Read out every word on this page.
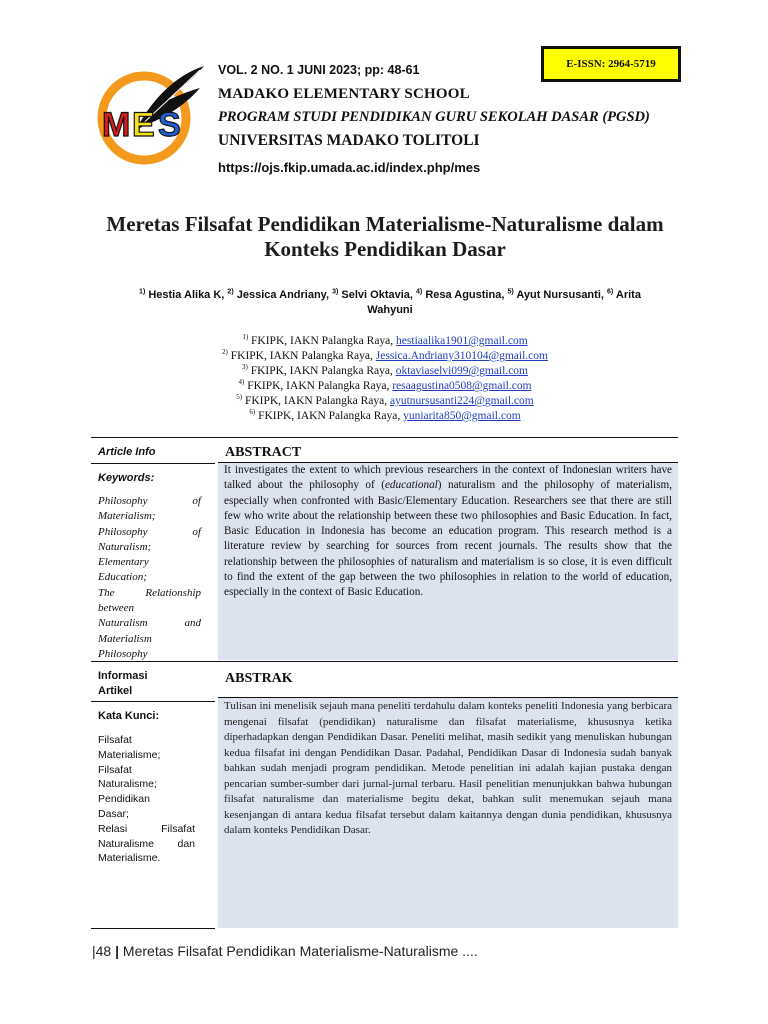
M E S
E-ISSN: 2964-5719
VOL. 2 NO. 1 JUNI 2023; pp: 48-61
MADAKO ELEMENTARY SCHOOL
PROGRAM STUDI PENDIDIKAN GURU SEKOLAH DASAR (PGSD)
UNIVERSITAS MADAKO TOLITOLI
https://ojs.fkip.umada.ac.id/index.php/mes
Meretas Filsafat Pendidikan Materialisme-Naturalisme dalam
Konteks Pendidikan Dasar
$^{1)}$ Hestia Alika K, $^{2)}$ Jessica Andriany, $^{3)}$ Selvi Oktavia, $^{4)}$ Resa Agustina, $^{5)}$ Ayut Nursusanti, $^{6)}$ Arita
Wahyuni
$^{1)}$ FKIPK, IAKN Palangka Raya, hestiaalika1901@gmail.com
$^{2)}$ FKIPK, IAKN Palangka Raya, Jessica.Andriany310104@gmail.com
$^{3)}$ FKIPK, IAKN Palangka Raya, oktaviaselvi099@gmail.com
$^{4)}$ FKIPK, IAKN Palangka Raya, resaagustina0508@gmail.com
$^{5)}$ FKIPK, IAKN Palangka Raya, ayutnursusanti224@gmail.com
$^{6)}$ FKIPK, IAKN Palangka Raya, yuniarita850@gmail.com
Article Info
Keywords:
Philosophy of
Materialism;
Philosophy of
Naturalism;
Elementary
Education;
The Relationship
between
Naturalism and
Materialism
Philosophy
ABSTRACT
It investigates the extent to which previous researchers in the context of Indonesian writers have talked about the philosophy of (educational) naturalism and the philosophy of materialism, especially when confronted with Basic/Elementary Education. Researchers see that there are still few who write about the relationship between these two philosophies and Basic Education. In fact, Basic Education in Indonesia has become an education program. This research method is a literature review by searching for sources from recent journals. The results show that the relationship between the philosophies of naturalism and materialism is so close, it is even difficult to find the extent of the gap between the two philosophies in relation to the world of education, especially in the context of Basic Education.
Informasi
Artikel
Kata Kunci:
Filsafat
Materialisme;
Filsafat
Naturalisme;
Pendidikan
Dasar;
Relasi Filsafat
Naturalisme dan
Materialisme.
ABSTRAK
Tulisan ini menelisik sejauh mana peneliti terdahulu dalam konteks peneliti Indonesia yang berbicara mengenai filsafat (pendidikan) naturalisme dan filsafat materialisme, khususnya ketika diperhadapkan dengan Pendidikan Dasar. Peneliti melihat, masih sedikit yang menuliskan hubungan kedua filsafat ini dengan Pendidikan Dasar. Padahal, Pendidikan Dasar di Indonesia sudah banyak bahkan sudah menjadi program pendidikan. Metode penelitian ini adalah kajian pustaka dengan pencarian sumber-sumber dari jurnal-jurnal terbaru. Hasil penelitian menunjukkan bahwa hubungan filsafat naturalisme dan materialisme begitu dekat, bahkan sulit menemukan sejauh mana kesenjangan di antara kedua filsafat tersebut dalam kaitannya dengan dunia pendidikan, khususnya dalam konteks Pendidikan Dasar.
|48 | Meretas Filsafat Pendidikan Materialisme-Naturalisme ....
